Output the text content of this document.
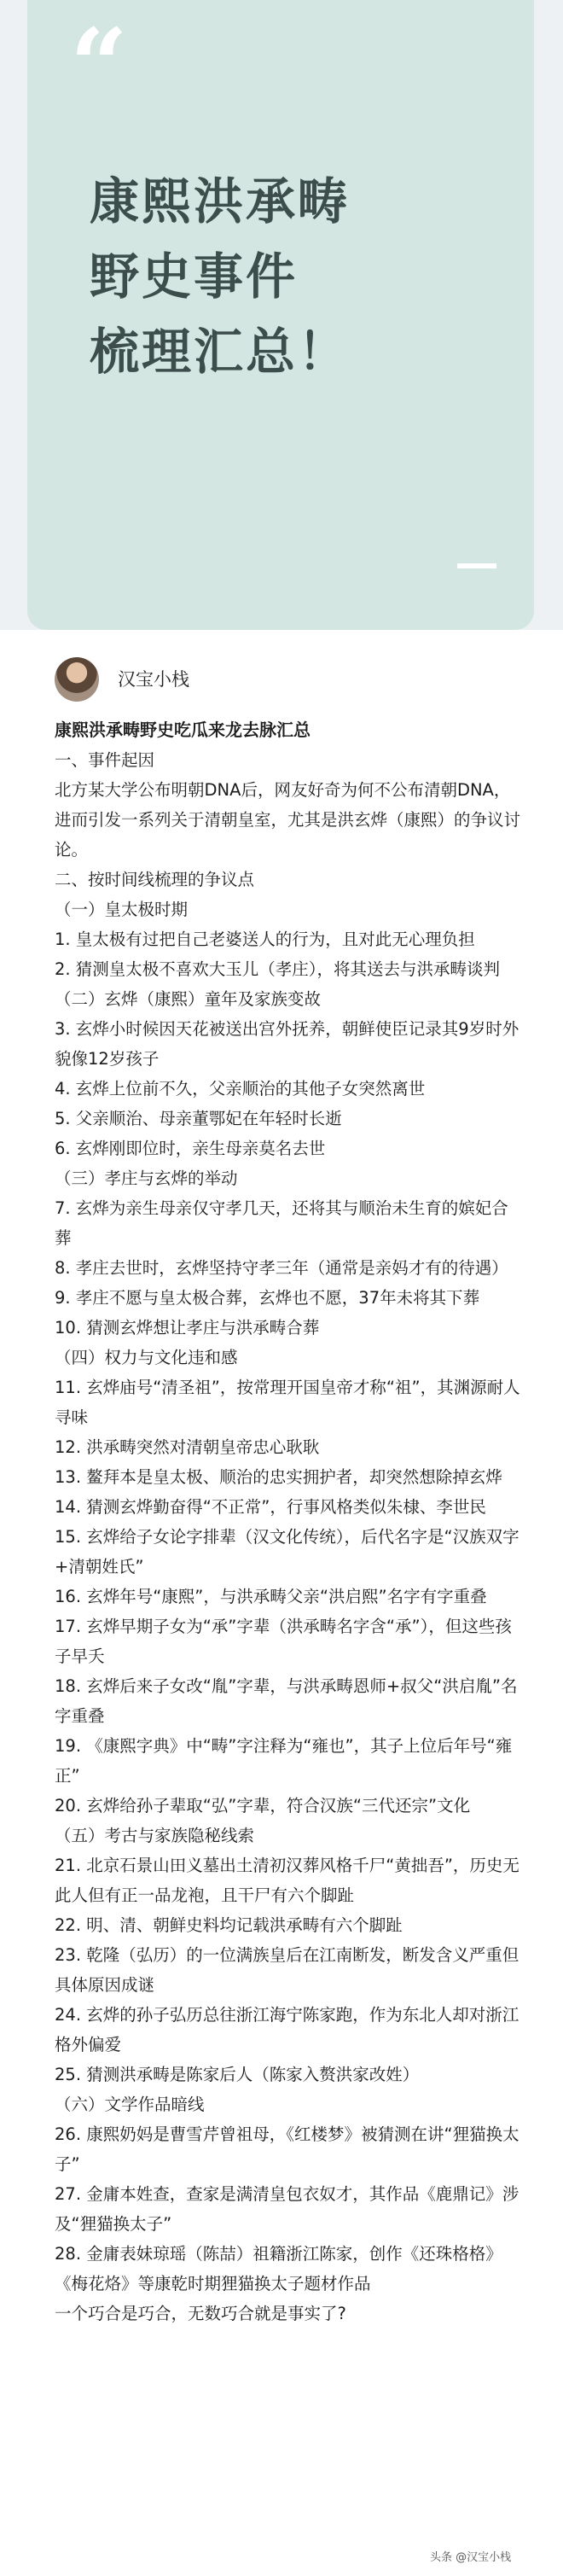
“
康熙洪承畴
野史事件
梳理汇总！
汉宝小栈

康熙洪承畴野史吃瓜来龙去脉汇总

一、事件起因

北方某大学公布明朝DNA后，网友好奇为何不公布清朝DNA，进而引发一系列关于清朝皇室，尤其是洪玄烨（康熙）的争议讨论。

二、按时间线梳理的争议点

（一）皇太极时期

1. 皇太极有过把自己老婆送人的行为，且对此无心理负担

2. 猜测皇太极不喜欢大玉儿（孝庄），将其送去与洪承畴谈判

（二）玄烨（康熙）童年及家族变故

3. 玄烨小时候因天花被送出宫外抚养，朝鲜使臣记录其9岁时外貌像12岁孩子

4. 玄烨上位前不久，父亲顺治的其他子女突然离世

5. 父亲顺治、母亲董鄂妃在年轻时长逝

6. 玄烨刚即位时，亲生母亲莫名去世

（三）孝庄与玄烨的举动

7. 玄烨为亲生母亲仅守孝几天，还将其与顺治未生育的嫔妃合葬

8. 孝庄去世时，玄烨坚持守孝三年（通常是亲妈才有的待遇）

9. 孝庄不愿与皇太极合葬，玄烨也不愿，37年未将其下葬

10. 猜测玄烨想让孝庄与洪承畴合葬

（四）权力与文化违和感

11. 玄烨庙号“清圣祖”，按常理开国皇帝才称“祖”，其渊源耐人寻味

12. 洪承畴突然对清朝皇帝忠心耿耿

13. 鳌拜本是皇太极、顺治的忠实拥护者，却突然想除掉玄烨

14. 猜测玄烨勤奋得“不正常”，行事风格类似朱棣、李世民

15. 玄烨给子女论字排辈（汉文化传统），后代名字是“汉族双字+清朝姓氏”

16. 玄烨年号“康熙”，与洪承畴父亲“洪启熙”名字有字重叠

17. 玄烨早期子女为“承”字辈（洪承畴名字含“承”），但这些孩子早夭

18. 玄烨后来子女改“胤”字辈，与洪承畴恩师+叔父“洪启胤”名字重叠

19. 《康熙字典》中“畴”字注释为“雍也”，其子上位后年号“雍正”

20. 玄烨给孙子辈取“弘”字辈，符合汉族“三代还宗”文化

（五）考古与家族隐秘线索

21. 北京石景山田义墓出土清初汉葬风格千尸“黄拙吾”，历史无此人但有正一品龙袍，且干尸有六个脚趾

22. 明、清、朝鲜史料均记载洪承畴有六个脚趾

23. 乾隆（弘历）的一位满族皇后在江南断发，断发含义严重但具体原因成谜

24. 玄烨的孙子弘历总往浙江海宁陈家跑，作为东北人却对浙江格外偏爱

25. 猜测洪承畴是陈家后人（陈家入赘洪家改姓）

（六）文学作品暗线

26. 康熙奶妈是曹雪芹曾祖母，《红楼梦》被猜测在讲“狸猫换太子”

27. 金庸本姓查，查家是满清皇包衣奴才，其作品《鹿鼎记》涉及“狸猫换太子”

28. 金庸表妹琼瑶（陈喆）祖籍浙江陈家，创作《还珠格格》《梅花烙》等康乾时期狸猫换太子题材作品

一个巧合是巧合，无数巧合就是事实了?

头条 @汉宝小栈
